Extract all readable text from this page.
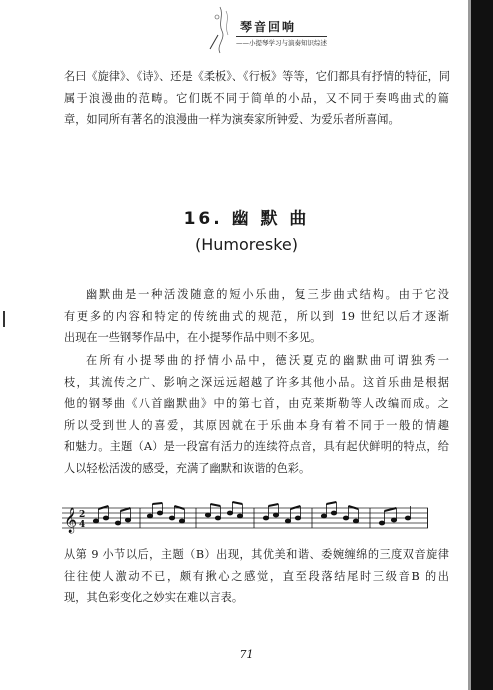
琴音回响
——小提琴学习与演奏知识综述
名曰《旋律》、《诗》、还是《柔板》、《行板》等等，它们都具有抒情的特征，同
属于浪漫曲的范畴。它们既不同于简单的小品，又不同于奏鸣曲式的篇
章，如同所有著名的浪漫曲一样为演奏家所钟爱、为爱乐者所喜闻。
16. 幽 默 曲
(Humoreske)
幽默曲是一种活泼随意的短小乐曲，复三步曲式结构。由于它没
有更多的内容和特定的传统曲式的规范，所以到 19 世纪以后才逐渐
出现在一些钢琴作品中，在小提琴作品中则不多见。
在所有小提琴曲的抒情小品中，德沃夏克的幽默曲可谓独秀一
枝，其流传之广、影响之深远远超越了许多其他小品。这首乐曲是根据
他的钢琴曲《八首幽默曲》中的第七首，由克莱斯勒等人改编而成。之
所以受到世人的喜爱，其原因就在于乐曲本身有着不同于一般的情趣
和魅力。主题（A）是一段富有活力的连续符点音，具有起伏鲜明的特点，给
人以轻松活泼的感受，充满了幽默和诙谐的色彩。
𝄞 2
4
从第 9 小节以后，主题（B）出现，其优美和谐、委婉缠绵的三度双音旋律
往往使人激动不已，颇有揪心之感觉，直至段落结尾时三级音B 的出
现，其色彩变化之妙实在难以言表。
71
